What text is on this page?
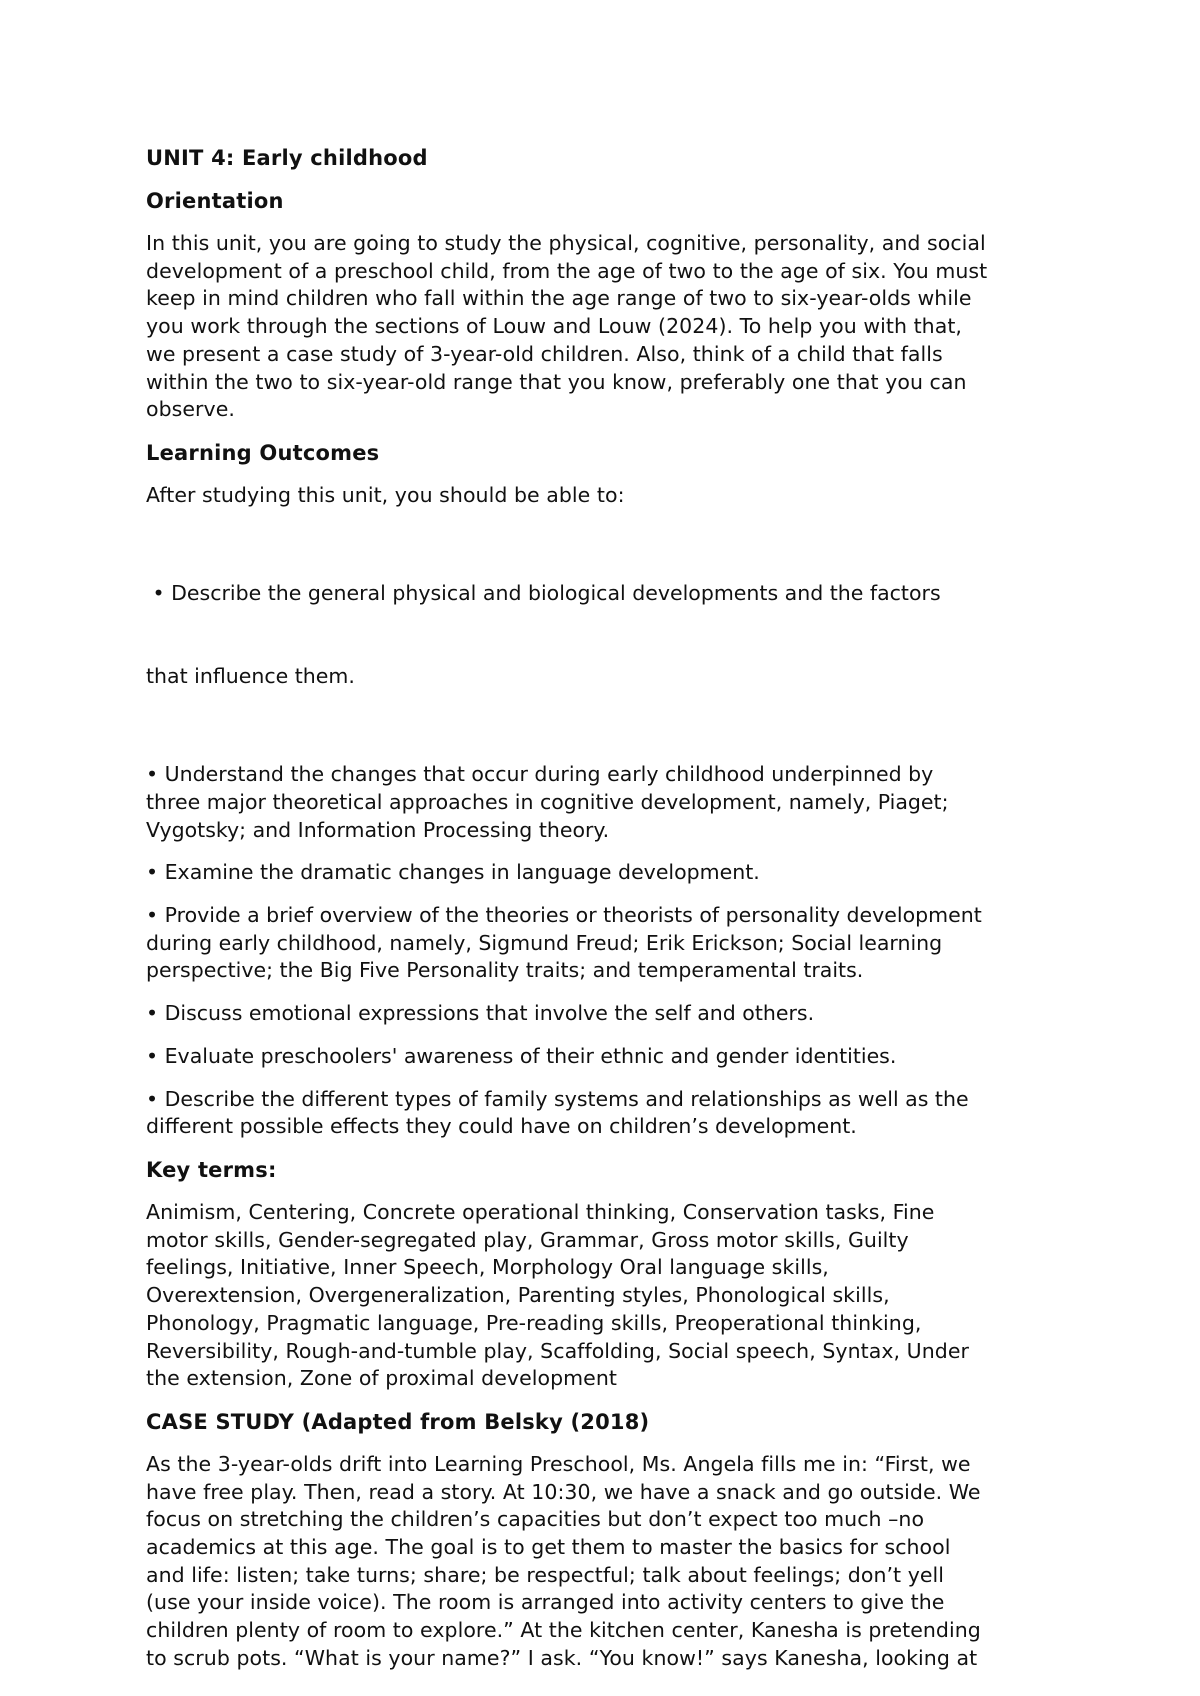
UNIT 4: Early childhood
Orientation
In this unit, you are going to study the physical, cognitive, personality, and social
development of a preschool child, from the age of two to the age of six. You must
keep in mind children who fall within the age range of two to six-year-olds while
you work through the sections of Louw and Louw (2024). To help you with that,
we present a case study of 3-year-old children. Also, think of a child that falls
within the two to six-year-old range that you know, preferably one that you can
observe.
Learning Outcomes
After studying this unit, you should be able to:

• Describe the general physical and biological developments and the factors

that influence them.

• Understand the changes that occur during early childhood underpinned by
three major theoretical approaches in cognitive development, namely, Piaget;
Vygotsky; and Information Processing theory.
• Examine the dramatic changes in language development.
• Provide a brief overview of the theories or theorists of personality development
during early childhood, namely, Sigmund Freud; Erik Erickson; Social learning
perspective; the Big Five Personality traits; and temperamental traits.
• Discuss emotional expressions that involve the self and others.
• Evaluate preschoolers' awareness of their ethnic and gender identities.
• Describe the different types of family systems and relationships as well as the
different possible effects they could have on children’s development.
Key terms:
Animism, Centering, Concrete operational thinking, Conservation tasks, Fine
motor skills, Gender-segregated play, Grammar, Gross motor skills, Guilty
feelings, Initiative, Inner Speech, Morphology Oral language skills,
Overextension, Overgeneralization, Parenting styles, Phonological skills,
Phonology, Pragmatic language, Pre-reading skills, Preoperational thinking,
Reversibility, Rough-and-tumble play, Scaffolding, Social speech, Syntax, Under
the extension, Zone of proximal development
CASE STUDY (Adapted from Belsky (2018)
As the 3-year-olds drift into Learning Preschool, Ms. Angela fills me in: “First, we
have free play. Then, read a story. At 10:30, we have a snack and go outside. We
focus on stretching the children’s capacities but don’t expect too much –no
academics at this age. The goal is to get them to master the basics for school
and life: listen; take turns; share; be respectful; talk about feelings; don’t yell
(use your inside voice). The room is arranged into activity centers to give the
children plenty of room to explore.” At the kitchen center, Kanesha is pretending
to scrub pots. “What is your name?” I ask. “You know!” says Kanesha, looking at
